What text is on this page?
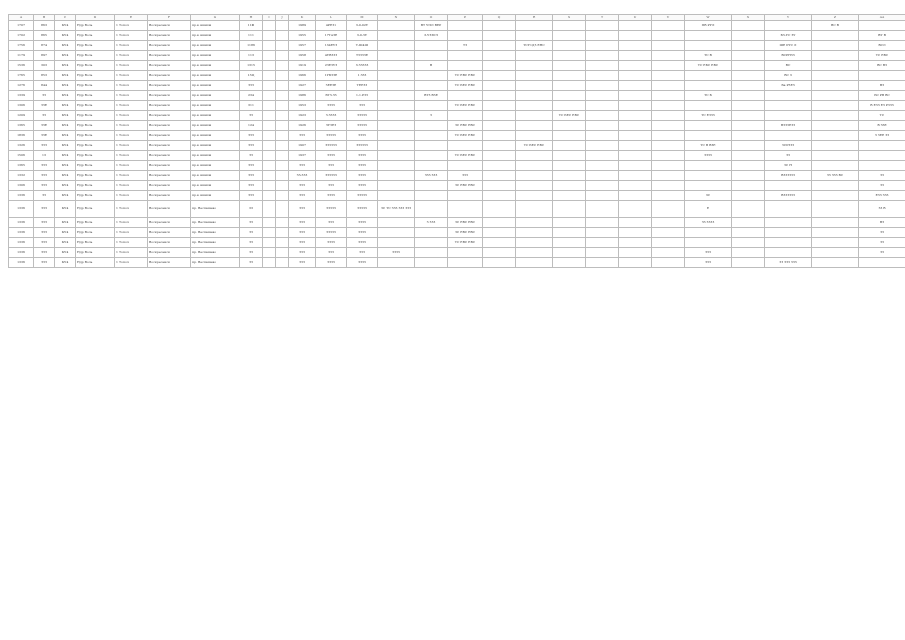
A	B	C	D	E	F	G	H	I	J	K	L	M	N	O	P	Q	R	S	T	U	V	W	X	Y	Z	AA
1707	863	КУ4	Ндр Воль	1 Топоч	Воскресенск	пр.в Ашихм	11Ф			1989	4РЕЗ1	3-0-02У		ВТ УПЛ ВЕР								ПВ РУЛ			ВС В	
1702	865	КУ4	Ндр Воль	1 Топоч	Воскресенск	пр.в Ашихм	111			1955	17ТАЗЕ	3-0-ЗУ		3-УЗЗРЛ										БЗ-УС ЗУ		ВУ В
1756	874	КУ4	Ндр Воль	1 Топоч	Воскресенск	пр.в Ашихм	1186			1957	134ЕУЗ	Т-Ш4Ш			ТЗ		ТСУ1ДЗ ЕНС							ШЕ РУС Л		ВСЛ
1179	897	КУ4	Ндр Воль	1 Топоч	Воскресенск	пр.в Ашихм	113			1958	4УВЗЗЗ	ТЗЗЗЗЕ										ТС В		ВСРНЗЗ		ТС ЕВС
1536	303	КУ4	Ндр Воль	1 Топоч	Воскресенск	пр.в Ашихм	1315			1919	2ЗЕЗУЗ	3.ЗЗЗЗЗ		В								ТС ЕБС ЕВС		ВС		ВС ВЗ
1765	853	КУ4	Ндр Воль	1 Топоч	Воскресенск	пр.в Ашихм	13Ц			1966	1УБЗЗЕ	1.ЗЗЗ			ТС ЕВС ЕВС									ВС 3		
1276	844	КУ4	Ндр Воль	1 Топоч	Воскресенск	пр.в Ашихм	ЗЗЗ			1927	ЗЕЕЗЕ	ТЕЕЗЗ			ТС БЕС ЕВС									Ба РЗЕЗ		ВЗ
1339	ЗЗ	КУ4	Ндр Воль	1 Топоч	Воскресенск	пр.в Ашихм	234			1986	БТЗ-ЗЗ	1-1.РЗЗ		ВТЗ ВЗЕ								ТС Б				БС РВ ВС
1306	ЗЗЕ	КУ4	Ндр Воль	1 Топоч	Воскресенск	пр.в Ашихм	311			1953	ЗЗЗЗ	ЗЗЗ			ТС БЕС ЕВС											В ЕЗЗ ЕЗ РЗЗЗ
1209	ЗЗ	КУ4	Ндр Воль	1 Топоч	Воскресенск	пр.в Ашихм	ЗЗ			1923	З.ЗЗЗЗ	ЗЗЗЗЗ		З				ТС БЕС ЕВС				ТС ЕЗЗЗ				ТС
1365	ЗЗЕ	КУ4	Ндр Воль	1 Топоч	Воскресенск	пр.в Ашихм	124			1926	ЗУЗЕЗ	ЗЗЗЗЗ			ЗС ЕВС ЕВС									ВЗЗЗЕЗЗ		В ЗЗЕ
1836	ЗЗЕ	КУ4	Ндр Воль	1 Топоч	Воскресенск	пр.в Ашихм	ЗЗЗ			ЗЗЗ	ЗЗЗЗЗ	ЗЗЗЗ			ТС БЕС ЕВС											З ЗЕЕ ЗЗ
1326	ЗЗЗ	КУ4	Ндр Воль	1 Топоч	Воскресенск	пр.в Ашихм	ЗЗЗ			1907	ЗЗЗЗЗЗ	ЗЗЗЗЗЗ					ТС БЕС ЕВС					ТС В ВЗЕ		ЗСРЗЗЗ		
1506	13	КУ4	Ндр Воль	1 Топоч	Воскресенск	пр.в Ашихм	ЗЗ			1937	ЗЗЗЗ	ЗЗЗЗ			ТС БЕС ЕВС							ЗЗЗЗ		ЗЗ		
1365	ЗЗЗ	КУ4	Ндр Воль	1 Топоч	Воскресенск	пр.в Ашихм	ЗЗЗ			ЗЗЗ	ЗЗЗ	ЗЗЗЗ												ЗС Н		
1332	ЗЗЗ	КУ4	Ндр Воль	1 Топоч	Воскресенск	пр.в Ашихм	ЗЗЗ			ЗЗ-ЗЗЗ	ЗЗЗЗЗЗ	ЗЗЗЗ		ЗЗЗ ЗЗЗ	ЗЗЗ									ВЗЗЗЗЗЗ	ЗЗ ЗЗЗ ВС	ЗЗ
1306	ЗЗЗ	КУ4	Ндр Воль	1 Топоч	Воскресенск	пр.в Ашихм	ЗЗЗ			ЗЗЗ	ЗЗЗ	ЗЗЗЗ			ЗС ЕВС ЕВС											ЗЗ
1336	ЗЗ	КУ4	Ндр Воль	1 Топоч	Воскресенск	пр.в Ашихм	ЗЗЗ			ЗЗЗ	ЗЗЗЗ	ЗЗЗЗЗ										3С		ВЗЗЗЗЗЗ		ЕЗЗ ЗЗЗ
1336	ЗЗЗ	КУ4	Ндр Воль	1 Топоч	Воскресенск	пр. Веспашево	33			ЗЗЗ	ЗЗЗЗЗ	ЗЗЗЗЗ	ЗС ТС ЗЗЗ ЗЗЗ ЗЗЗ									Е				ЗЗ В
1336	ЗЗЗ	КУ4	Ндр Воль	1 Топоч	Воскресенск	пр. Веспашево	ЗЗ			ЗЗЗ	ЗЗЗ	ЗЗЗЗ		З ЗЗЗ	ЗС ЕВС ЕВС							ЗЗ ЗЗЗЗ				ВЗ
1336	ЗЗЗ	КУ4	Ндр Воль	1 Топоч	Воскресенск	пр. Веспашево	ЗЗ			ЗЗЗ	ЗЗЗЗЗ	ЗЗЗЗ			ЗС ЕВС ЕВС											ЗЗ
1336	ЗЗЗ	КУ4	Ндр Воль	1 Топоч	Воскресенск	пр. Веспашево	ЗЗ			ЗЗЗ	ЗЗЗЗ	ЗЗЗЗ			ТС ЕВС ЕВС											ЗЗ
1336	ЗЗЗ	КУ4	Ндр Воль	1 Топоч	Воскресенск	пр. Веспашево	ЗЗ			ЗЗЗ	ЗЗЗ	ЗЗЗ	ЗЗЗЗ									ЗЗЗ				ЗЗ
1336	ЗЗЗ	КУ4	Ндр Воль	1 Топоч	Воскресенск	пр. Веспашево	ЗЗ			ЗЗЗ	ЗЗЗЗ	ЗЗЗЗ										ЗЗЗ		ЗЗ ЗЗЗ ЗЗЗ		
